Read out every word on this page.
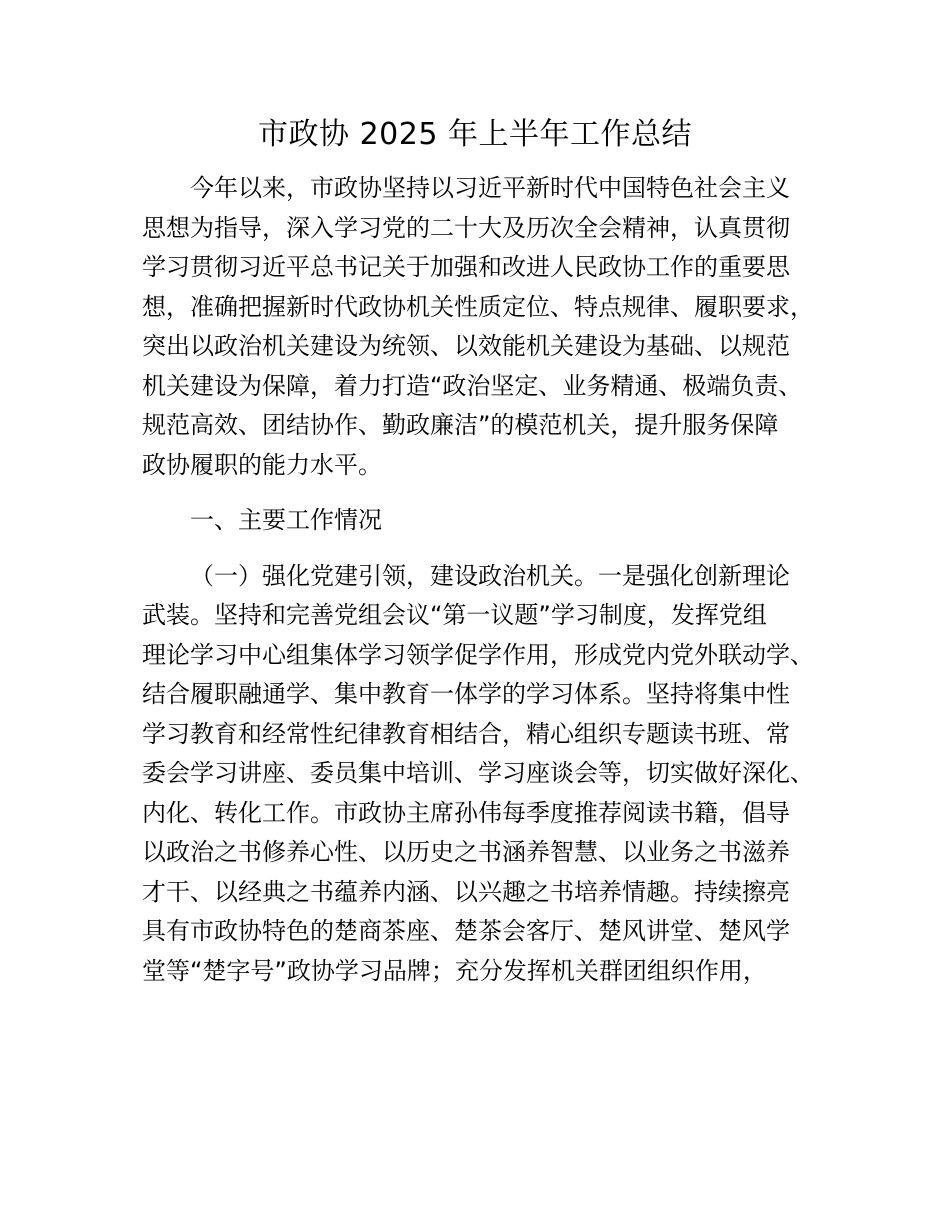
市政协 2025 年上半年工作总结
今年以来，市政协坚持以习近平新时代中国特色社会主义
思想为指导，深入学习党的二十大及历次全会精神，认真贯彻
学习贯彻习近平总书记关于加强和改进人民政协工作的重要思
想，准确把握新时代政协机关性质定位、特点规律、履职要求，
突出以政治机关建设为统领、以效能机关建设为基础、以规范
机关建设为保障，着力打造“政治坚定、业务精通、极端负责、
规范高效、团结协作、勤政廉洁”的模范机关，提升服务保障
政协履职的能力水平。
一、主要工作情况
（一）强化党建引领，建设政治机关。一是强化创新理论
武装。坚持和完善党组会议“第一议题”学习制度，发挥党组
理论学习中心组集体学习领学促学作用，形成党内党外联动学、
结合履职融通学、集中教育一体学的学习体系。坚持将集中性
学习教育和经常性纪律教育相结合，精心组织专题读书班、常
委会学习讲座、委员集中培训、学习座谈会等，切实做好深化、
内化、转化工作。市政协主席孙伟每季度推荐阅读书籍，倡导
以政治之书修养心性、以历史之书涵养智慧、以业务之书滋养
才干、以经典之书蕴养内涵、以兴趣之书培养情趣。持续擦亮
具有市政协特色的楚商茶座、楚茶会客厅、楚风讲堂、楚风学
堂等“楚字号”政协学习品牌；充分发挥机关群团组织作用，
